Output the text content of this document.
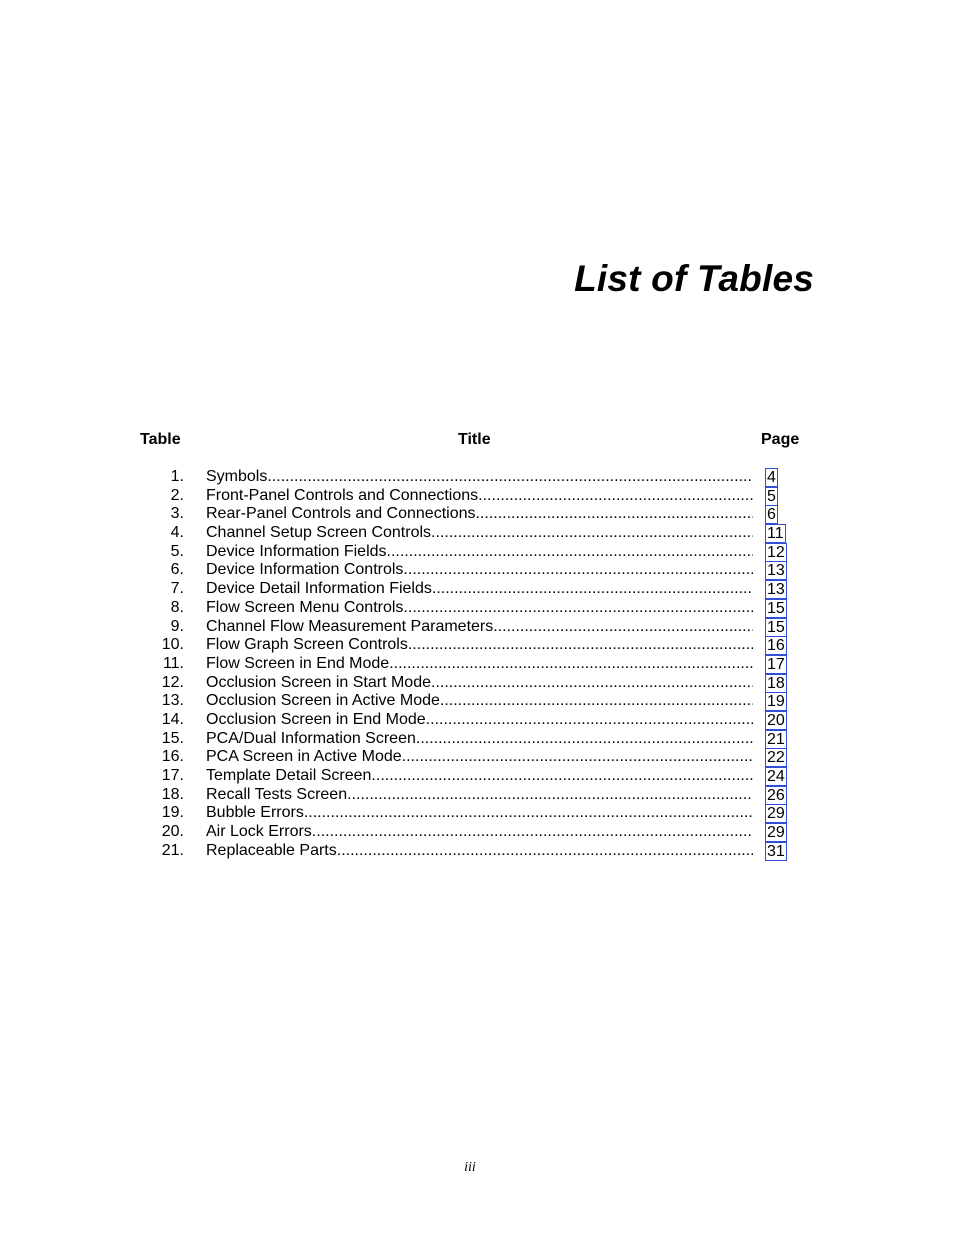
List of Tables
Table	Title	Page
1. Symbols .....	4
2. Front-Panel Controls and Connections .....	5
3. Rear-Panel Controls and Connections .....	6
4. Channel Setup Screen Controls .....	11
5. Device Information Fields .....	12
6. Device Information Controls .....	13
7. Device Detail Information Fields .....	13
8. Flow Screen Menu Controls .....	15
9. Channel Flow Measurement Parameters .....	15
10. Flow Graph Screen Controls .....	16
11. Flow Screen in End Mode .....	17
12. Occlusion Screen in Start Mode .....	18
13. Occlusion Screen in Active Mode .....	19
14. Occlusion Screen in End Mode .....	20
15. PCA/Dual Information Screen .....	21
16. PCA Screen in Active Mode .....	22
17. Template Detail Screen .....	24
18. Recall Tests Screen .....	26
19. Bubble Errors .....	29
20. Air Lock Errors .....	29
21. Replaceable Parts .....	31
iii
